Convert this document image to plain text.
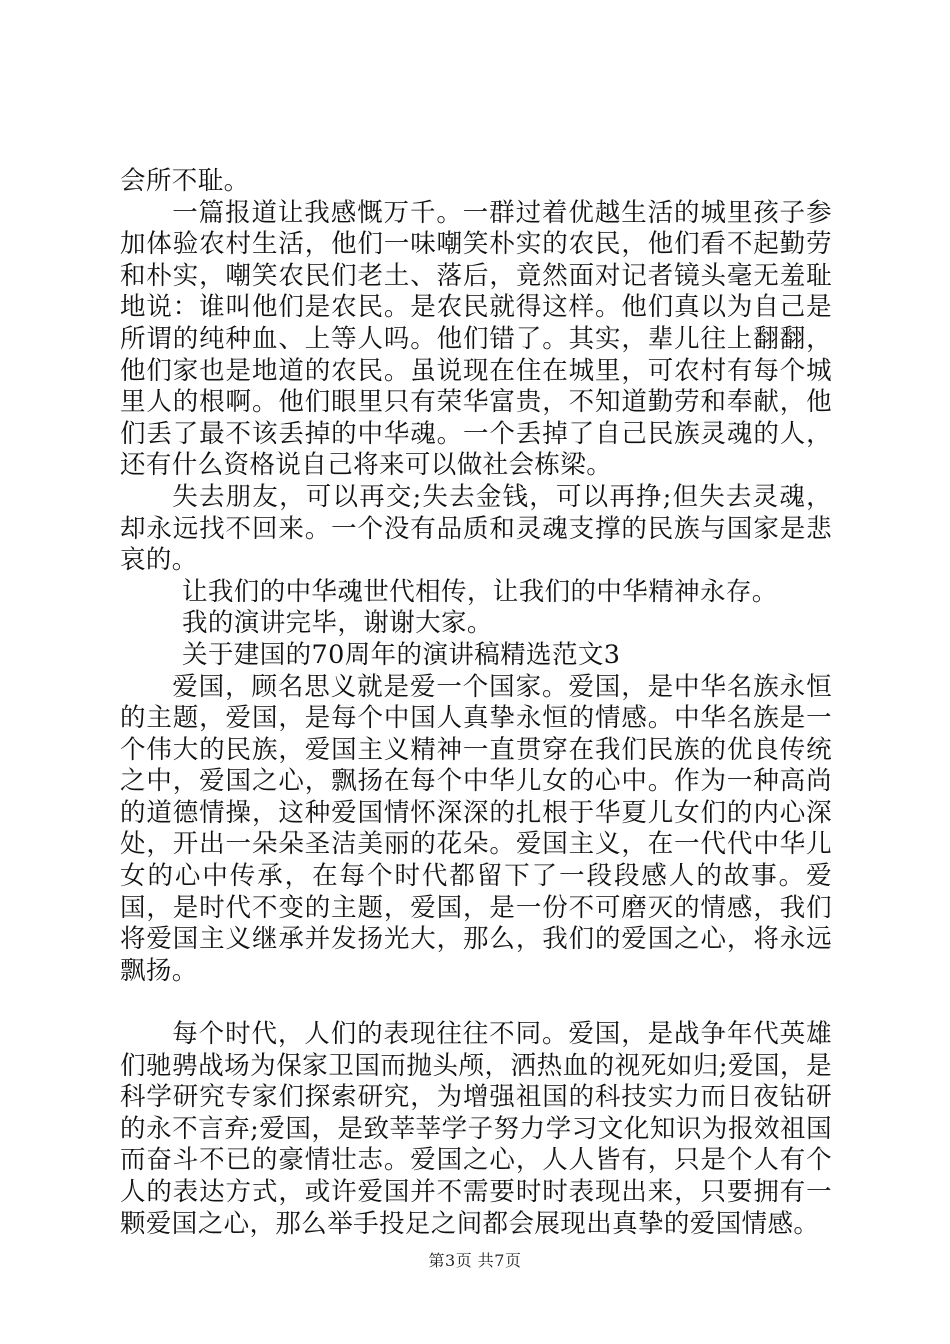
会所不耻。

一篇报道让我感慨万千。一群过着优越生活的城里孩子参加体验农村生活，他们一味嘲笑朴实的农民，他们看不起勤劳和朴实，嘲笑农民们老土、落后，竟然面对记者镜头毫无羞耻地说：谁叫他们是农民。是农民就得这样。他们真以为自己是所谓的纯种血、上等人吗。他们错了。其实，辈儿往上翻翻，他们家也是地道的农民。虽说现在住在城里，可农村有每个城里人的根啊。他们眼里只有荣华富贵，不知道勤劳和奉献，他们丢了最不该丢掉的中华魂。一个丢掉了自己民族灵魂的人，还有什么资格说自己将来可以做社会栋梁。

失去朋友，可以再交;失去金钱，可以再挣;但失去灵魂，却永远找不回来。一个没有品质和灵魂支撑的民族与国家是悲哀的。

让我们的中华魂世代相传，让我们的中华精神永存。

我的演讲完毕，谢谢大家。

关于建国的70周年的演讲稿精选范文3

爱国，顾名思义就是爱一个国家。爱国，是中华名族永恒的主题，爱国，是每个中国人真挚永恒的情感。中华名族是一个伟大的民族，爱国主义精神一直贯穿在我们民族的优良传统之中，爱国之心，飘扬在每个中华儿女的心中。作为一种高尚的道德情操，这种爱国情怀深深的扎根于华夏儿女们的内心深处，开出一朵朵圣洁美丽的花朵。爱国主义，在一代代中华儿女的心中传承，在每个时代都留下了一段段感人的故事。爱国，是时代不变的主题，爱国，是一份不可磨灭的情感，我们将爱国主义继承并发扬光大，那么，我们的爱国之心，将永远飘扬。

每个时代，人们的表现往往不同。爱国，是战争年代英雄们驰骋战场为保家卫国而抛头颅，洒热血的视死如归;爱国，是科学研究专家们探索研究，为增强祖国的科技实力而日夜钻研的永不言弃;爱国，是致莘莘学子努力学习文化知识为报效祖国而奋斗不已的豪情壮志。爱国之心，人人皆有，只是个人有个人的表达方式，或许爱国并不需要时时表现出来，只要拥有一颗爱国之心，那么举手投足之间都会展现出真挚的爱国情感。

第3页 共7页
